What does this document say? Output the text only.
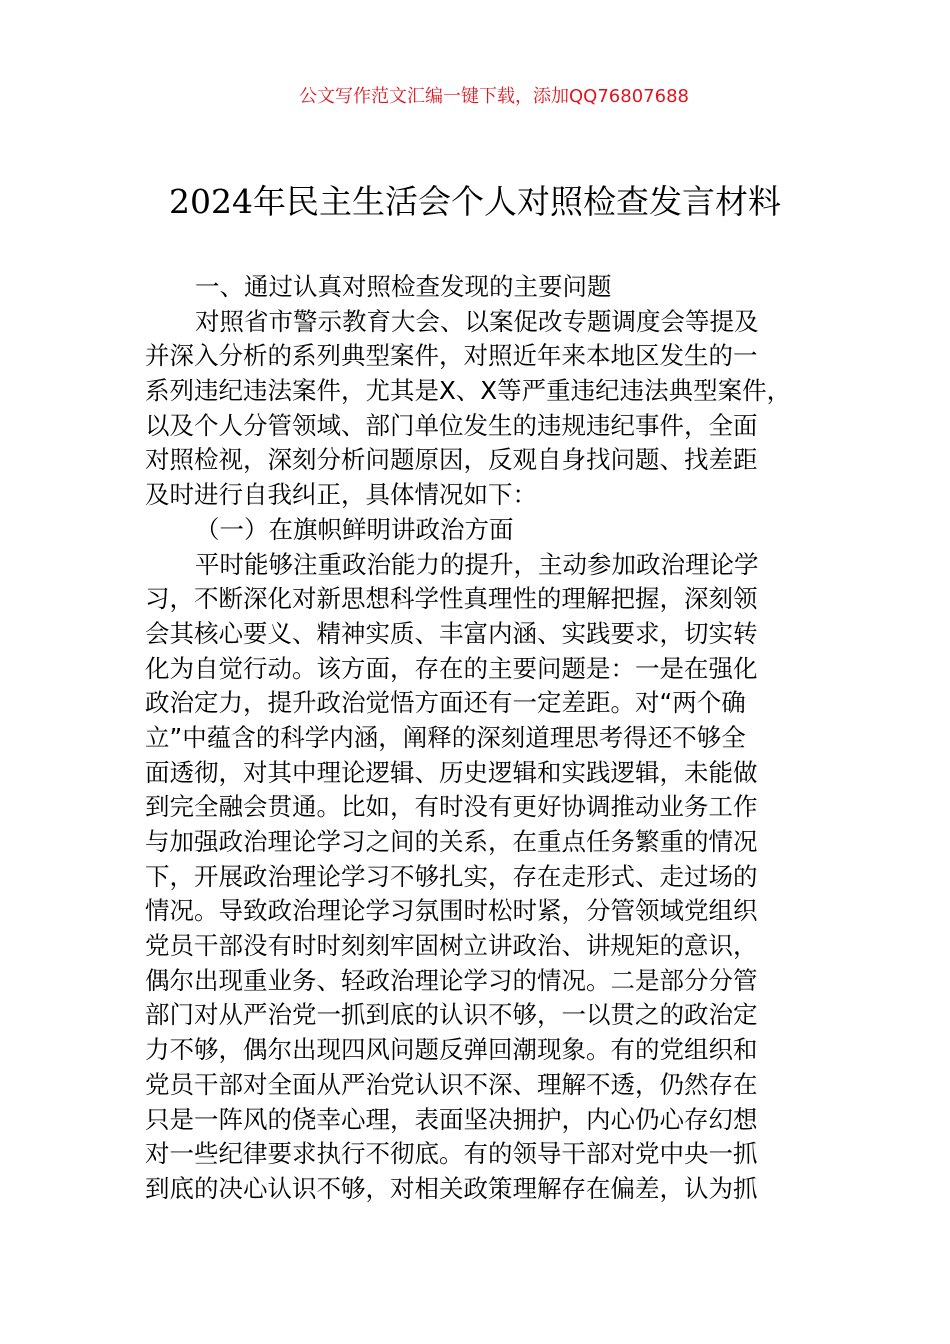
公文写作范文汇编一键下载，添加QQ76807688
2024年民主生活会个人对照检查发言材料
一、通过认真对照检查发现的主要问题
对照省市警示教育大会、以案促改专题调度会等提及
并深入分析的系列典型案件，对照近年来本地区发生的一
系列违纪违法案件，尤其是X、X等严重违纪违法典型案件，
以及个人分管领域、部门单位发生的违规违纪事件，全面
对照检视，深刻分析问题原因，反观自身找问题、找差距
及时进行自我纠正，具体情况如下：
（一）在旗帜鲜明讲政治方面
平时能够注重政治能力的提升，主动参加政治理论学
习，不断深化对新思想科学性真理性的理解把握，深刻领
会其核心要义、精神实质、丰富内涵、实践要求，切实转
化为自觉行动。该方面，存在的主要问题是：一是在强化
政治定力，提升政治觉悟方面还有一定差距。对“两个确
立”中蕴含的科学内涵，阐释的深刻道理思考得还不够全
面透彻，对其中理论逻辑、历史逻辑和实践逻辑，未能做
到完全融会贯通。比如，有时没有更好协调推动业务工作
与加强政治理论学习之间的关系，在重点任务繁重的情况
下，开展政治理论学习不够扎实，存在走形式、走过场的
情况。导致政治理论学习氛围时松时紧，分管领域党组织
党员干部没有时时刻刻牢固树立讲政治、讲规矩的意识，
偶尔出现重业务、轻政治理论学习的情况。二是部分分管
部门对从严治党一抓到底的认识不够，一以贯之的政治定
力不够，偶尔出现四风问题反弹回潮现象。有的党组织和
党员干部对全面从严治党认识不深、理解不透，仍然存在
只是一阵风的侥幸心理，表面坚决拥护，内心仍心存幻想
对一些纪律要求执行不彻底。有的领导干部对党中央一抓
到底的决心认识不够，对相关政策理解存在偏差，认为抓
